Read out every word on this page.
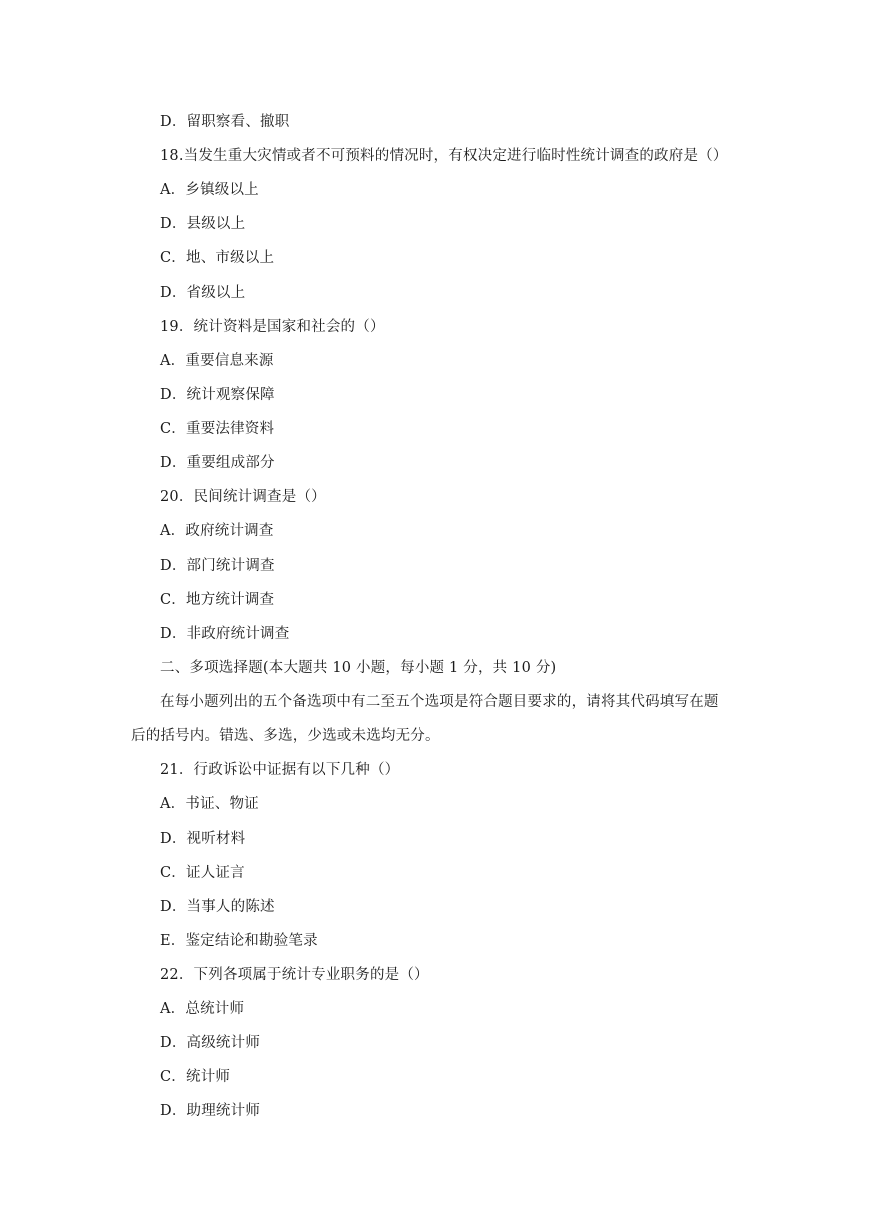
D．留职察看、撤职
18.当发生重大灾情或者不可预料的情况时，有权决定进行临时性统计调查的政府是（）
A．乡镇级以上
D．县级以上
C．地、市级以上
D．省级以上
19．统计资料是国家和社会的（）
A．重要信息来源
D．统计观察保障
C．重要法律资料
D．重要组成部分
20．民间统计调查是（）
A．政府统计调查
D．部门统计调查
C．地方统计调查
D．非政府统计调查
二、多项选择题(本大题共 10 小题，每小题 1 分，共 10 分)
在每小题列出的五个备选项中有二至五个选项是符合题目要求的，请将其代码填写在题
后的括号内。错选、多选，少选或未选均无分。
21．行政诉讼中证据有以下几种（）
A．书证、物证
D．视听材料
C．证人证言
D．当事人的陈述
E．鉴定结论和勘验笔录
22．下列各项属于统计专业职务的是（）
A．总统计师
D．高级统计师
C．统计师
D．助理统计师
